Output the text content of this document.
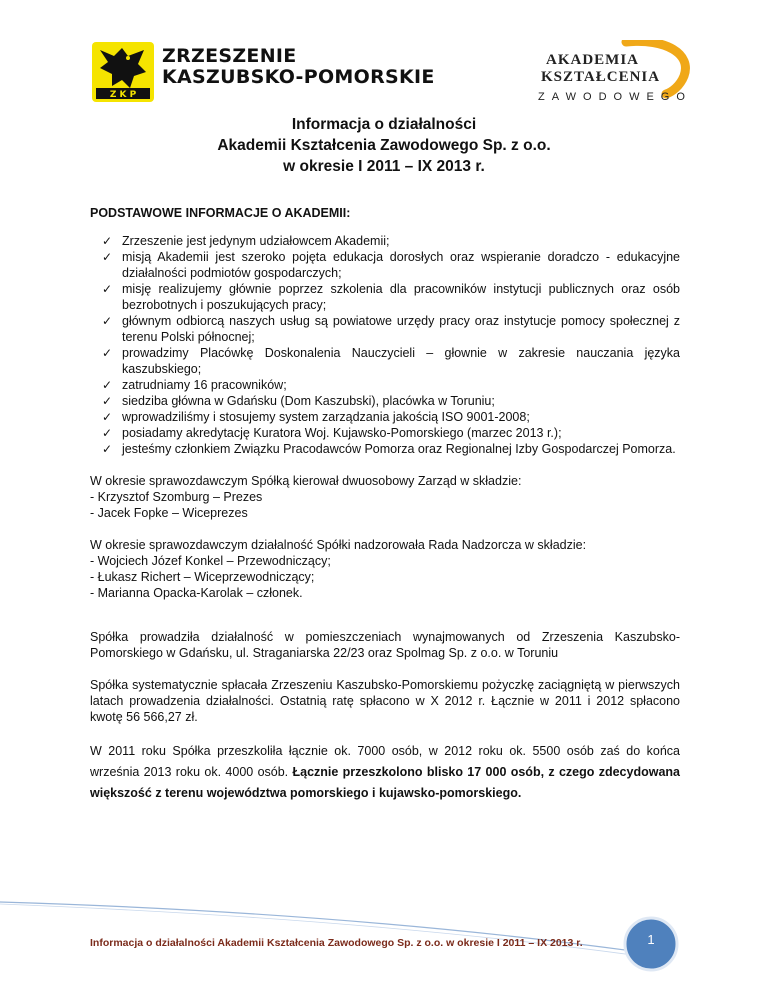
Z K P
ZRZESZENIE
KASZUBSKO-POMORSKIE
AKADEMIA
KSZTAŁCENIA
ZAWODOWEGO
Informacja o działalności
Akademii Kształcenia Zawodowego Sp. z o.o.
w okresie I 2011 – IX 2013 r.
PODSTAWOWE INFORMACJE O AKADEMII:
✓ Zrzeszenie jest jedynym udziałowcem Akademii;
✓ misją Akademii jest szeroko pojęta edukacja dorosłych oraz wspieranie doradczo - edukacyjne działalności podmiotów gospodarczych;
✓ misję realizujemy głównie poprzez szkolenia dla pracowników instytucji publicznych oraz osób bezrobotnych i poszukujących pracy;
✓ głównym odbiorcą naszych usług są powiatowe urzędy pracy oraz instytucje pomocy społecznej z terenu Polski północnej;
✓ prowadzimy Placówkę Doskonalenia Nauczycieli – głownie w zakresie nauczania języka kaszubskiego;
✓ zatrudniamy 16 pracowników;
✓ siedziba główna w Gdańsku (Dom Kaszubski), placówka w Toruniu;
✓ wprowadziliśmy i stosujemy system zarządzania jakością ISO 9001-2008;
✓ posiadamy akredytację Kuratora Woj. Kujawsko-Pomorskiego (marzec 2013 r.);
✓ jesteśmy członkiem Związku Pracodawców Pomorza oraz Regionalnej Izby Gospodarczej Pomorza.

W okresie sprawozdawczym Spółką kierował dwuosobowy Zarząd w składzie:
- Krzysztof Szomburg – Prezes
- Jacek Fopke – Wiceprezes

W okresie sprawozdawczym działalność Spółki nadzorowała Rada Nadzorcza w składzie:
- Wojciech Józef Konkel – Przewodniczący;
- Łukasz Richert – Wiceprzewodniczący;
- Marianna Opacka-Karolak – członek.

Spółka prowadziła działalność w pomieszczeniach wynajmowanych od Zrzeszenia Kaszubsko-Pomorskiego w Gdańsku, ul. Straganiarska 22/23 oraz Spolmag Sp. z o.o. w Toruniu

Spółka systematycznie spłacała Zrzeszeniu Kaszubsko-Pomorskiemu pożyczkę zaciągniętą w pierwszych latach prowadzenia działalności. Ostatnią ratę spłacono w X 2012 r. Łącznie w 2011 i 2012 spłacono kwotę 56 566,27 zł.

W 2011 roku Spółka przeszkoliła łącznie ok. 7000 osób, w 2012 roku ok. 5500 osób zaś do końca września 2013 roku ok. 4000 osób. Łącznie przeszkolono blisko 17 000 osób, z czego zdecydowana większość z terenu województwa pomorskiego i kujawsko-pomorskiego.

Informacja o działalności Akademii Kształcenia Zawodowego Sp. z o.o. w okresie I 2011 – IX 2013 r.	1
